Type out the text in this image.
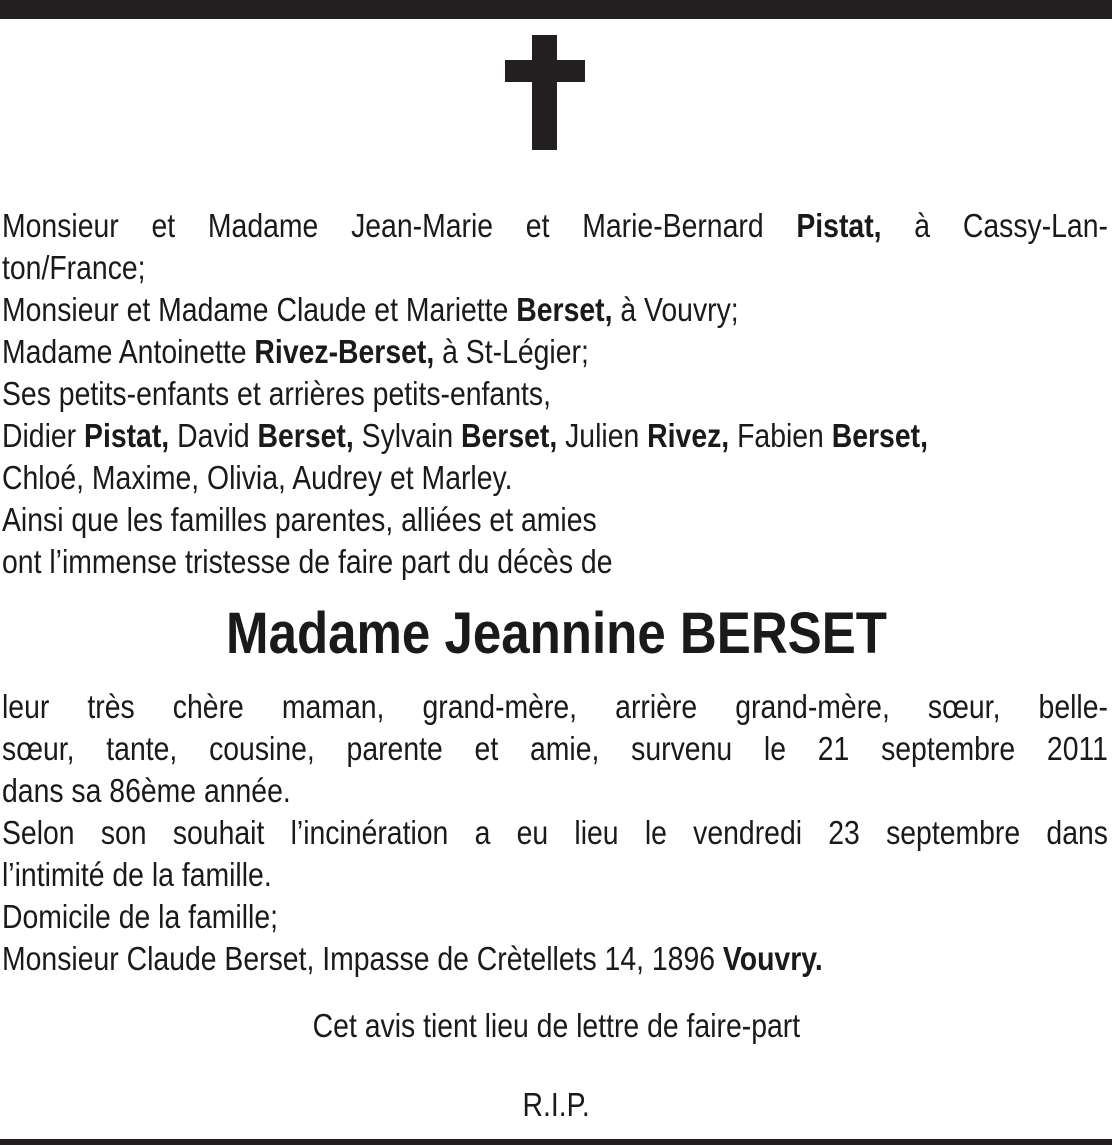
Monsieur et Madame Jean-Marie et Marie-Bernard Pistat, à Cassy-Lan-
ton/France;
Monsieur et Madame Claude et Mariette Berset, à Vouvry;
Madame Antoinette Rivez-Berset, à St-Légier;
Ses petits-enfants et arrières petits-enfants,
Didier Pistat, David Berset, Sylvain Berset, Julien Rivez, Fabien Berset,
Chloé, Maxime, Olivia, Audrey et Marley.
Ainsi que les familles parentes, alliées et amies
ont l’immense tristesse de faire part du décès de
Madame Jeannine BERSET
leur très chère maman, grand-mère, arrière grand-mère, sœur, belle-
sœur, tante, cousine, parente et amie, survenu le 21 septembre 2011
dans sa 86ème année.
Selon son souhait l’incinération a eu lieu le vendredi 23 septembre dans
l’intimité de la famille.
Domicile de la famille;
Monsieur Claude Berset, Impasse de Crètellets 14, 1896 Vouvry.
Cet avis tient lieu de lettre de faire-part
R.I.P.
